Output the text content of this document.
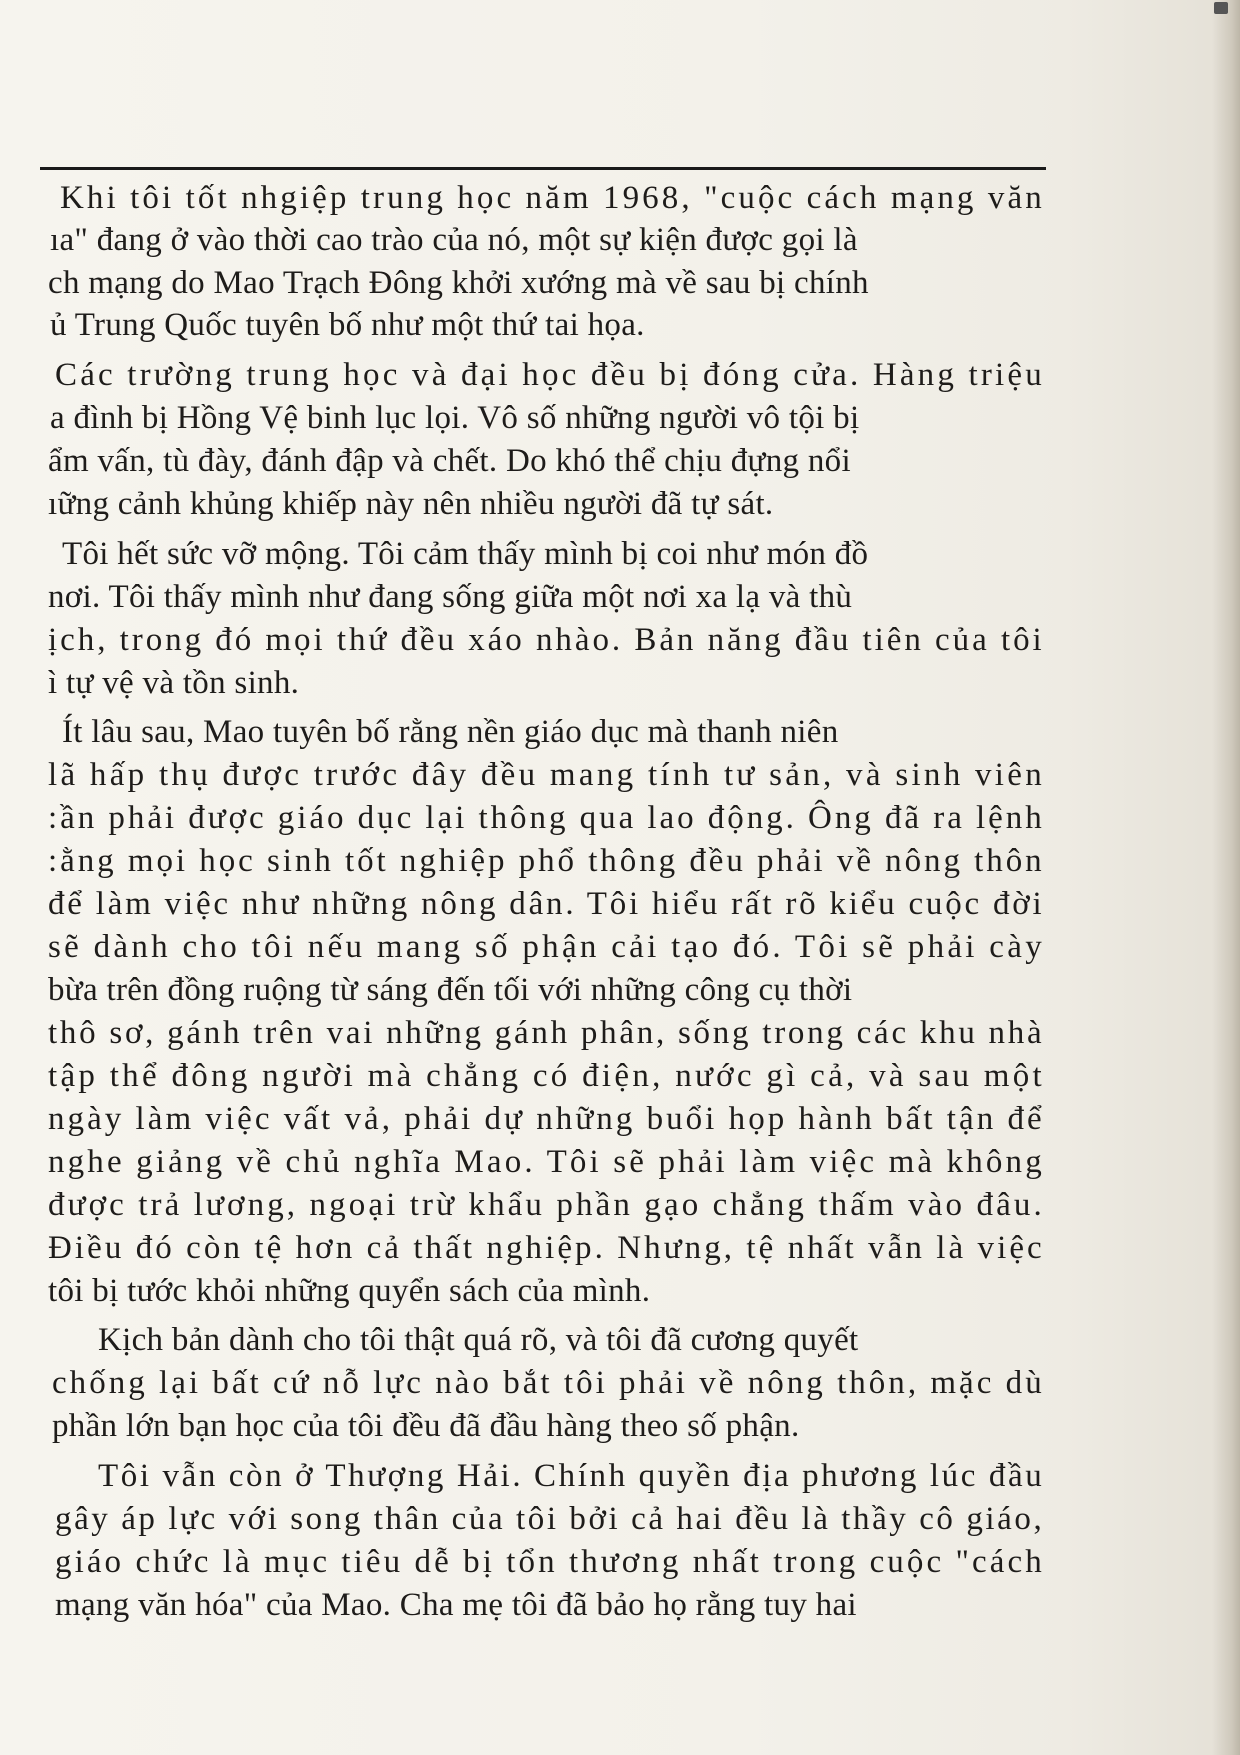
Khi tôi tốt nhgiệp trung học năm 1968, "cuộc cách mạng văn
ıa" đang ở vào thời cao trào của nó, một sự kiện được gọi là
ch mạng do Mao Trạch Đông khởi xướng mà về sau bị chính
ủ Trung Quốc tuyên bố như một thứ tai họa.
Các trường trung học và đại học đều bị đóng cửa. Hàng triệu
a đình bị Hồng Vệ binh lục lọi. Vô số những người vô tội bị
ẩm vấn, tù đày, đánh đập và chết. Do khó thể chịu đựng nổi
ıững cảnh khủng khiếp này nên nhiều người đã tự sát.
Tôi hết sức vỡ mộng. Tôi cảm thấy mình bị coi như món đồ
nơi. Tôi thấy mình như đang sống giữa một nơi xa lạ và thù
ịch, trong đó mọi thứ đều xáo nhào. Bản năng đầu tiên của tôi
ì tự vệ và tồn sinh.
Ít lâu sau, Mao tuyên bố rằng nền giáo dục mà thanh niên
lã hấp thụ được trước đây đều mang tính tư sản, và sinh viên
:ần phải được giáo dục lại thông qua lao động. Ông đã ra lệnh
:ằng mọi học sinh tốt nghiệp phổ thông đều phải về nông thôn
để làm việc như những nông dân. Tôi hiểu rất rõ kiểu cuộc đời
sẽ dành cho tôi nếu mang số phận cải tạo đó. Tôi sẽ phải cày
bừa trên đồng ruộng từ sáng đến tối với những công cụ thời
thô sơ, gánh trên vai những gánh phân, sống trong các khu nhà
tập thể đông người mà chẳng có điện, nước gì cả, và sau một
ngày làm việc vất vả, phải dự những buổi họp hành bất tận để
nghe giảng về chủ nghĩa Mao. Tôi sẽ phải làm việc mà không
được trả lương, ngoại trừ khẩu phần gạo chẳng thấm vào đâu.
Điều đó còn tệ hơn cả thất nghiệp. Nhưng, tệ nhất vẫn là việc
tôi bị tước khỏi những quyển sách của mình.
Kịch bản dành cho tôi thật quá rõ, và tôi đã cương quyết
chống lại bất cứ nỗ lực nào bắt tôi phải về nông thôn, mặc dù
phần lớn bạn học của tôi đều đã đầu hàng theo số phận.
Tôi vẫn còn ở Thượng Hải. Chính quyền địa phương lúc đầu
gây áp lực với song thân của tôi bởi cả hai đều là thầy cô giáo,
giáo chức là mục tiêu dễ bị tổn thương nhất trong cuộc "cách
mạng văn hóa" của Mao. Cha mẹ tôi đã bảo họ rằng tuy hai
